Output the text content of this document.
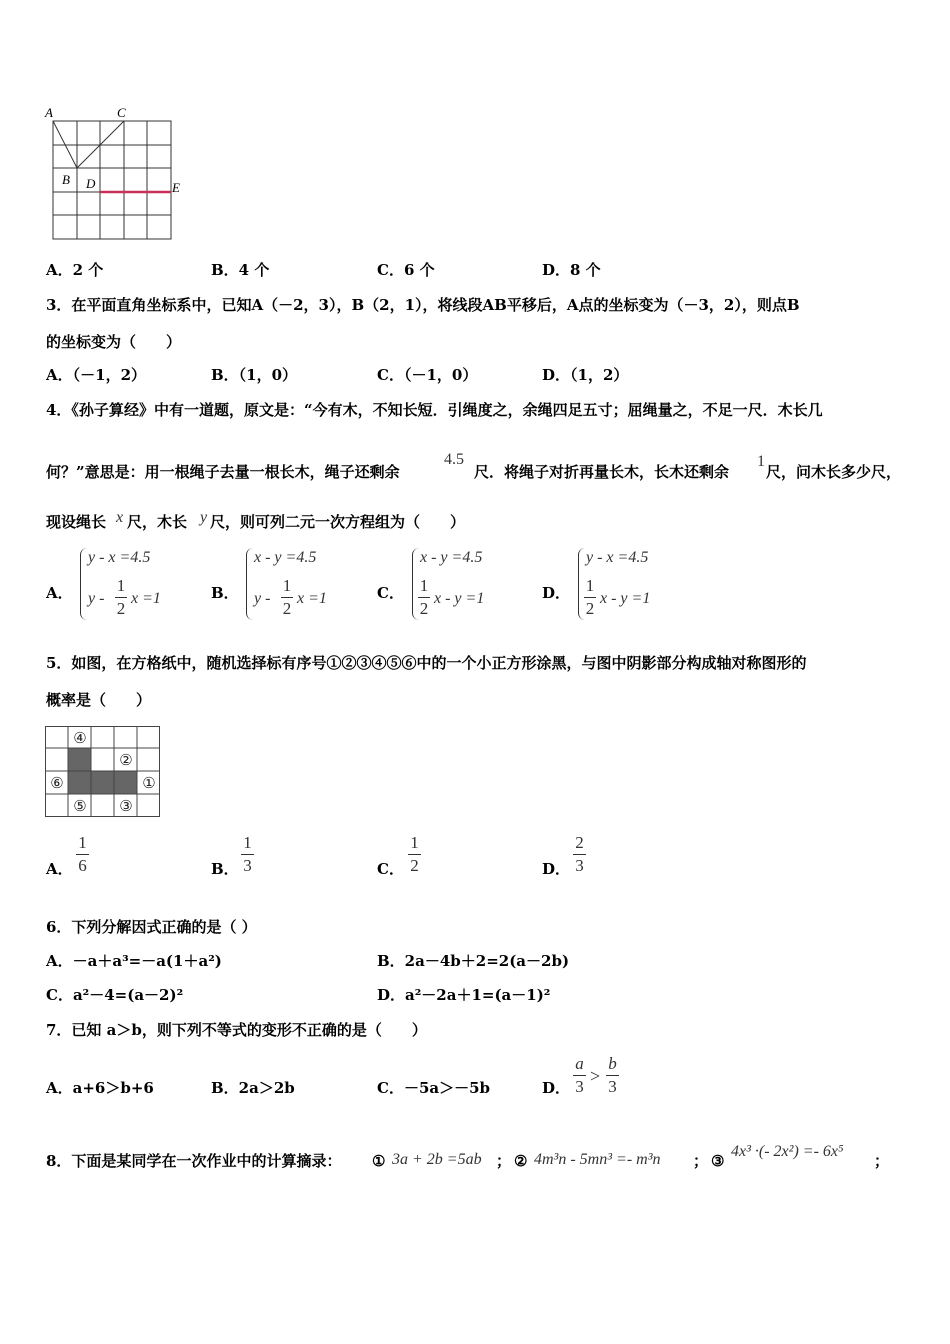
A	C
B D	E
A．2 个	B．4 个	C．6 个	D．8 个
3．在平面直角坐标系中，已知A（－2，3），B（2，1），将线段AB平移后，A点的坐标变为（－3，2），则点B
的坐标变为（　　）
A．（－1，2）	B．（1，0）	C．（－1，0）	D．（1，2）
4．《孙子算经》中有一道题，原文是：“今有木，不知长短．引绳度之，余绳四足五寸；屈绳量之，不足一尺．木长几
何？”意思是：用一根绳子去量一根长木，绳子还剩余
4.5
尺．将绳子对折再量长木，长木还剩余
1
尺，问木长多少尺，
现设绳长 x 尺，木长 y 尺，则可列二元一次方程组为（　　）
A．
y - x =4.5
y -
1
2
x =1	B．
x - y =4.5
y -
1
2
x =1	C．
x - y =4.5
1
2
x - y =1	D．
y - x =4.5
1
2
x - y =1
5．如图，在方格纸中，随机选择标有序号①②③④⑤⑥中的一个小正方形涂黑，与图中阴影部分构成轴对称图形的
概率是（　　）
④
②
⑥	①
⑤ ③
A．
1
6	B．
1
3	C．
1
2	D．
2
3
6．下列分解因式正确的是（ ）
A．－a＋a³=－a(1＋a²)	B．2a－4b＋2=2(a－2b)
C．a²－4=(a－2)²	D．a²－2a＋1=(a－1)²
7．已知 a＞b，则下列不等式的变形不正确的是（　　）
A．a+6＞b+6	B．2a＞2b	C．－5a＞－5b	D．
a
3
>
b
3
8．下面是某同学在一次作业中的计算摘录： ① 3a + 2b =5ab ； ② 4m³n - 5mn³ =- m³n ； ③
4x³ ·(- 2x²) =- 6x⁵
；
